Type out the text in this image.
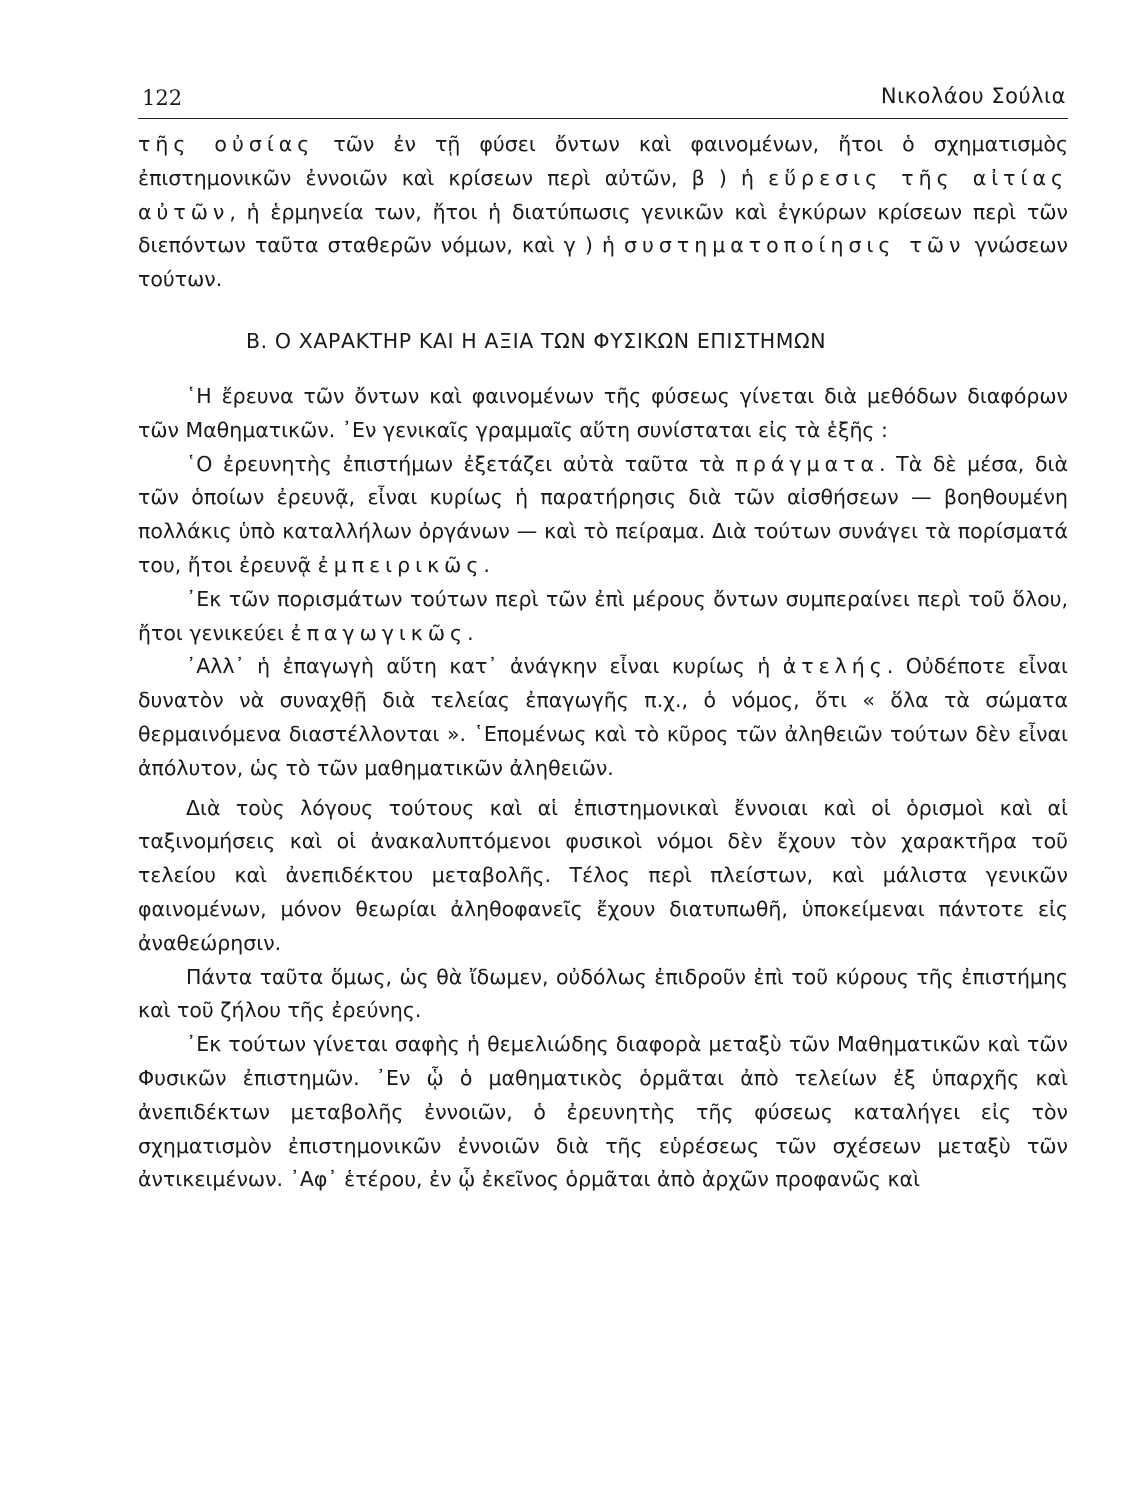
122	Νικολάου Σούλια

τῆς οὐσίας τῶν ἐν τῇ φύσει ὄντων καὶ φαινομένων, ἤτοι ὁ σχηματισμὸς ἐπιστημονικῶν ἐννοιῶν καὶ κρίσεων περὶ αὐτῶν, β ) ἡ εὕρεσις τῆς αἰτίας αὐτῶν, ἡ ἑρμηνεία των, ἤτοι ἡ διατύπωσις γενικῶν καὶ ἐγκύρων κρίσεων περὶ τῶν διεπόντων ταῦτα σταθερῶν νόμων, καὶ γ ) ἡ συστηματοποίησις τῶν γνώσεων τούτων.

Β. Ο ΧΑΡΑΚΤΗΡ ΚΑΙ Η ΑΞΙΑ ΤΩΝ ΦΥΣΙΚΩΝ ΕΠΙΣΤΗΜΩΝ

῾Η ἔρευνα τῶν ὄντων καὶ φαινομένων τῆς φύσεως γίνεται διὰ μεθόδων διαφόρων τῶν Μαθηματικῶν. ᾿Εν γενικαῖς γραμμαῖς αὕτη συνίσταται εἰς τὰ ἑξῆς :

῾Ο ἐρευνητὴς ἐπιστήμων ἐξετάζει αὐτὰ ταῦτα τὰ πράγματα. Τὰ δὲ μέσα, διὰ τῶν ὁποίων ἐρευνᾷ, εἶναι κυρίως ἡ παρατήρησις διὰ τῶν αἰσθήσεων — βοηθουμένη πολλάκις ὑπὸ καταλλήλων ὀργάνων — καὶ τὸ πείραμα. Διὰ τούτων συνάγει τὰ πορίσματά του, ἤτοι ἐρευνᾷ ἐμπειρικῶς.

᾿Εκ τῶν πορισμάτων τούτων περὶ τῶν ἐπὶ μέρους ὄντων συμπεραίνει περὶ τοῦ ὅλου, ἤτοι γενικεύει ἐπαγωγικῶς.

᾿Αλλ᾿ ἡ ἐπαγωγὴ αὕτη κατ᾿ ἀνάγκην εἶναι κυρίως ἡ ἀτελής. Οὐδέποτε εἶναι δυνατὸν νὰ συναχθῇ διὰ τελείας ἐπαγωγῆς π.χ., ὁ νόμος, ὅτι « ὅλα τὰ σώματα θερμαινόμενα διαστέλλονται ». ῾Επομένως καὶ τὸ κῦρος τῶν ἀληθειῶν τούτων δὲν εἶναι ἀπόλυτον, ὡς τὸ τῶν μαθηματικῶν ἀληθειῶν.

Διὰ τοὺς λόγους τούτους καὶ αἱ ἐπιστημονικαὶ ἔννοιαι καὶ οἱ ὁρισμοὶ καὶ αἱ ταξινομήσεις καὶ οἱ ἀνακαλυπτόμενοι φυσικοὶ νόμοι δὲν ἔχουν τὸν χαρακτῆρα τοῦ τελείου καὶ ἀνεπιδέκτου μεταβολῆς. Τέλος περὶ πλείστων, καὶ μάλιστα γενικῶν φαινομένων, μόνον θεωρίαι ἀληθοφανεῖς ἔχουν διατυπωθῆ, ὑποκείμεναι πάντοτε εἰς ἀναθεώρησιν.

Πάντα ταῦτα ὅμως, ὡς θὰ ἴδωμεν, οὐδόλως ἐπιδροῦν ἐπὶ τοῦ κύρους τῆς ἐπιστήμης καὶ τοῦ ζήλου τῆς ἐρεύνης.

᾿Εκ τούτων γίνεται σαφὴς ἡ θεμελιώδης διαφορὰ μεταξὺ τῶν Μαθηματικῶν καὶ τῶν Φυσικῶν ἐπιστημῶν. ᾿Εν ᾧ ὁ μαθηματικὸς ὁρμᾶται ἀπὸ τελείων ἐξ ὑπαρχῆς καὶ ἀνεπιδέκτων μεταβολῆς ἐννοιῶν, ὁ ἐρευνητὴς τῆς φύσεως καταλήγει εἰς τὸν σχηματισμὸν ἐπιστημονικῶν ἐννοιῶν διὰ τῆς εὑρέσεως τῶν σχέσεων μεταξὺ τῶν ἀντικειμένων. ᾿Αφ᾿ ἑτέρου, ἐν ᾧ ἐκεῖνος ὁρμᾶται ἀπὸ ἀρχῶν προφανῶς καὶ
